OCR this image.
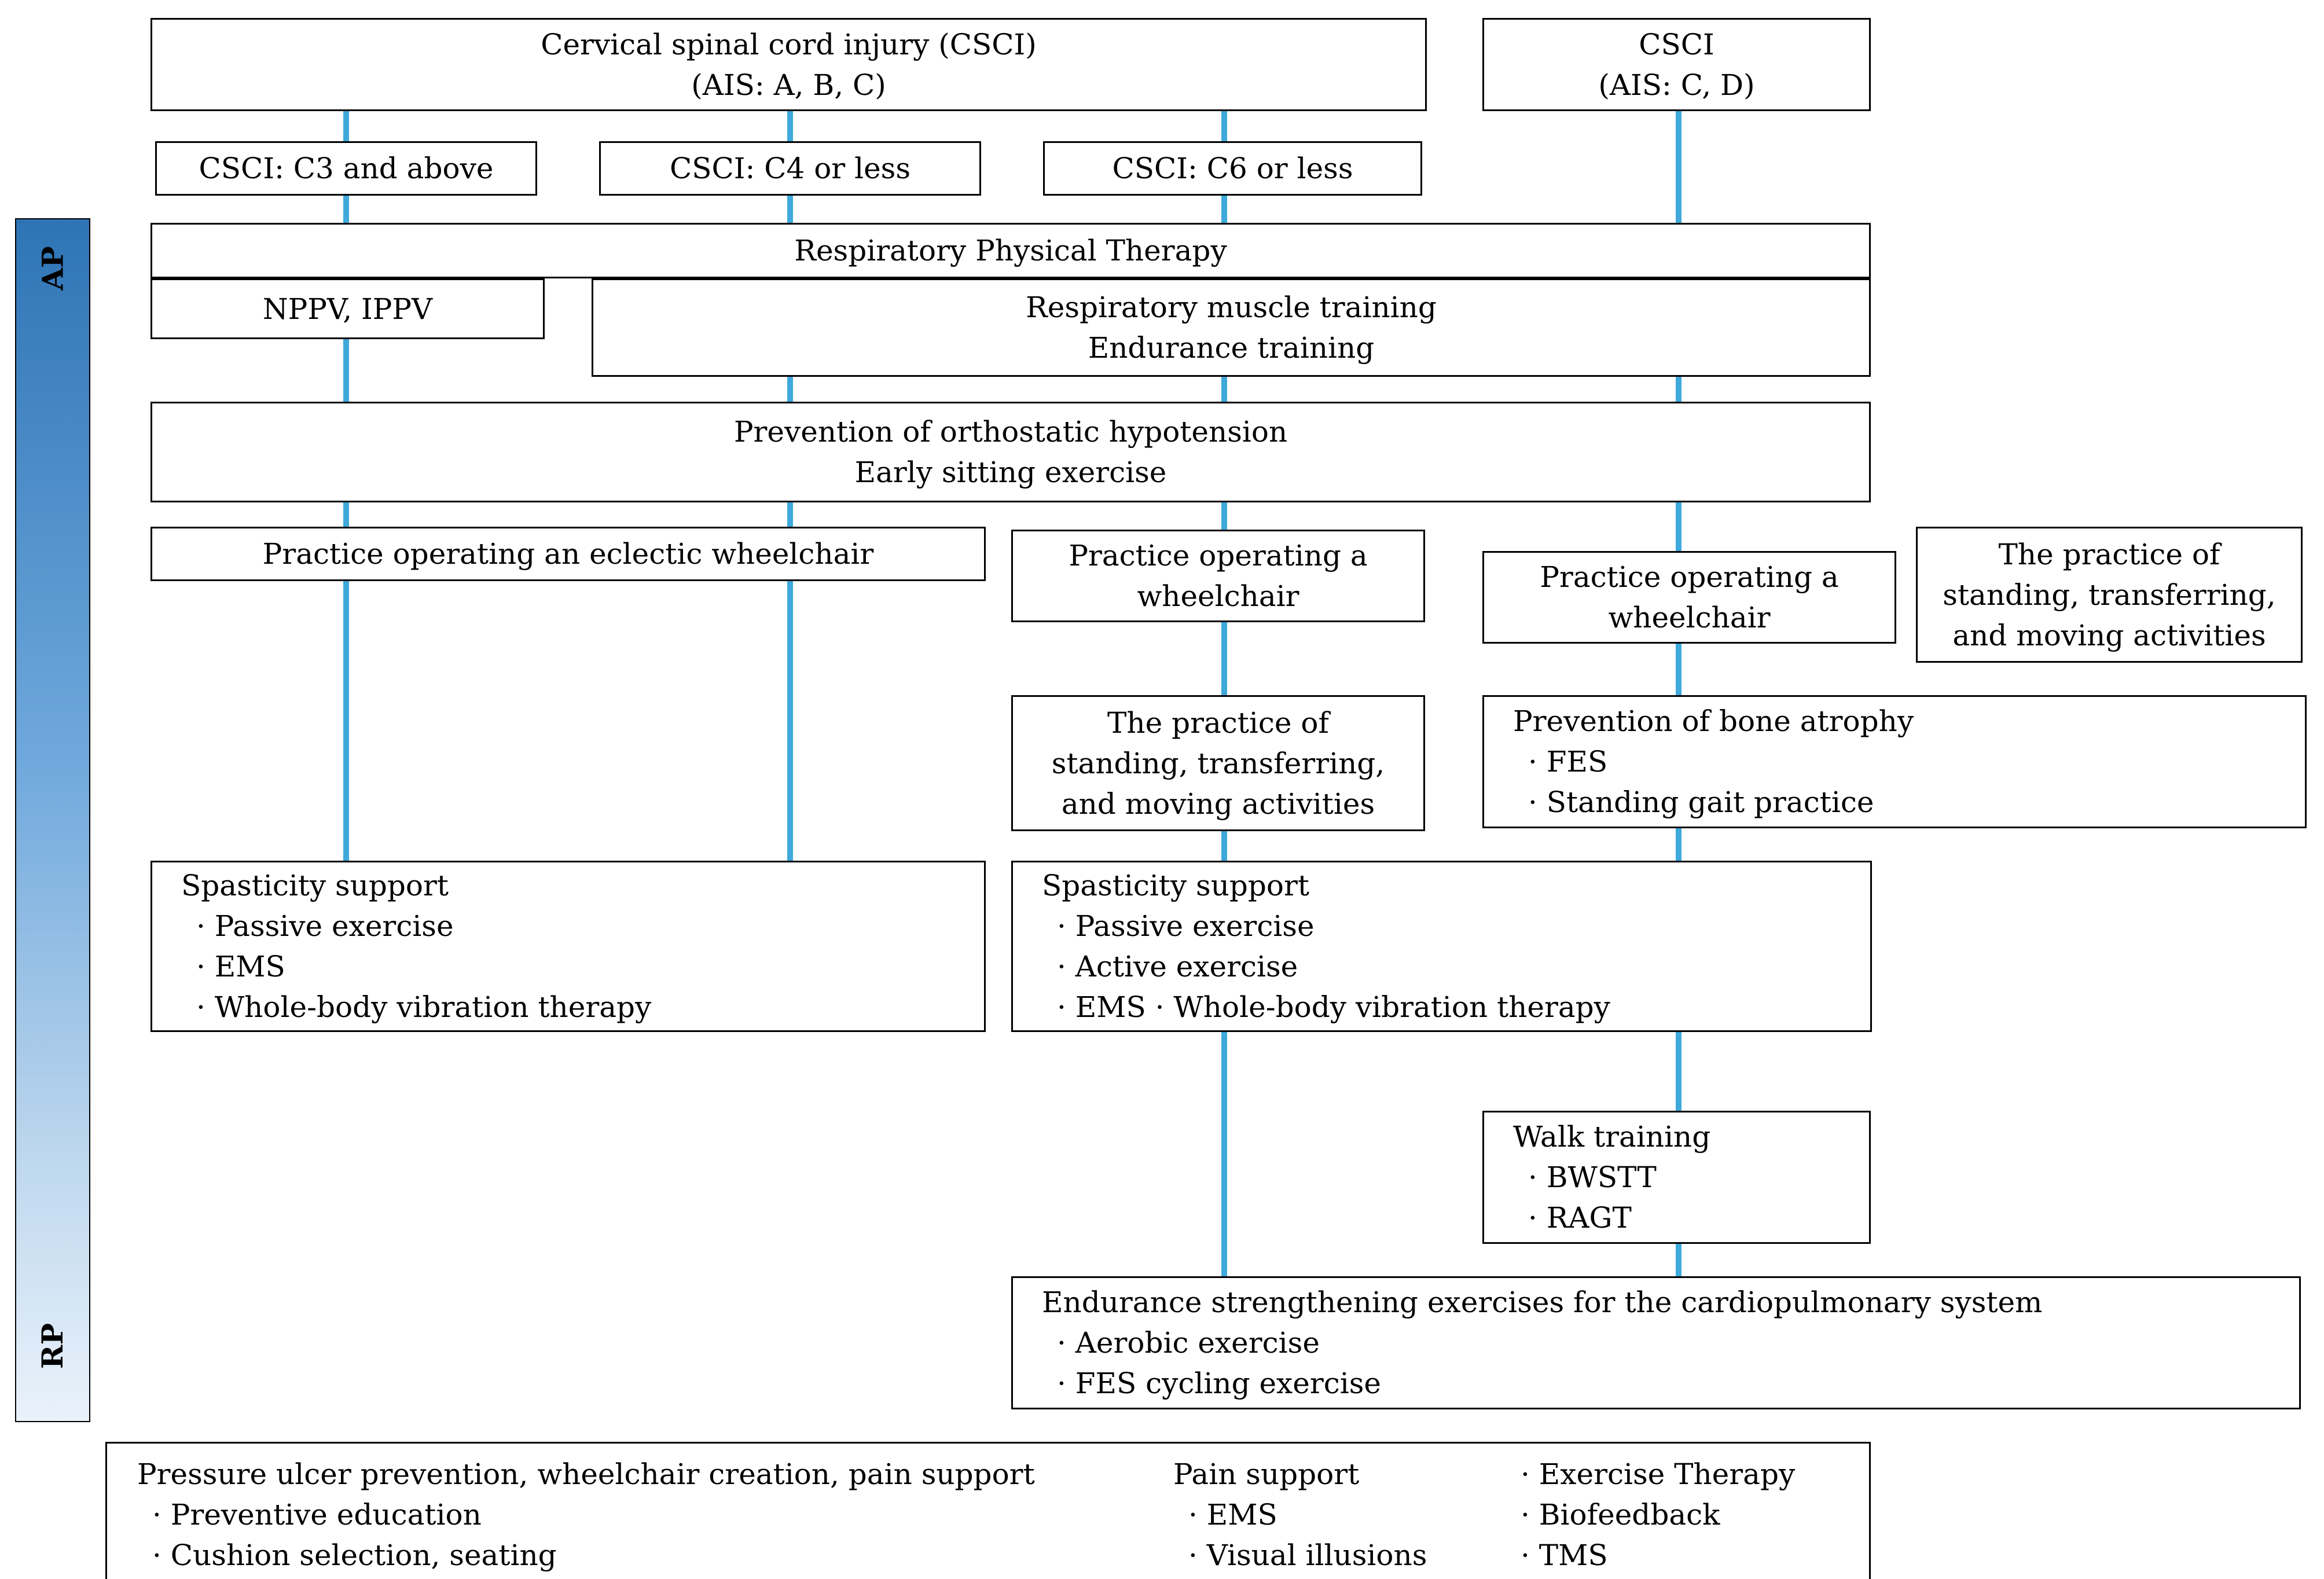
AP
RP
Cervical spinal cord injury (CSCI)
(AIS: A, B, C)
CSCI
(AIS: C, D)
CSCI: C3 and above	CSCI: C4 or less	CSCI: C6 or less
Respiratory Physical Therapy
NPPV, IPPV	Respiratory muscle training
Endurance training
Prevention of orthostatic hypotension
Early sitting exercise
Practice operating an eclectic wheelchair	Practice operating a
wheelchair
Practice operating a
wheelchair
The practice of
standing, transferring,
and moving activities
The practice of
standing, transferring,
and moving activities
Prevention of bone atrophy
· FES
· Standing gait practice
Spasticity support
· Passive exercise
· EMS
· Whole-body vibration therapy
Spasticity support
· Passive exercise
· Active exercise
· EMS · Whole-body vibration therapy
Walk training
· BWSTT
· RAGT
Endurance strengthening exercises for the cardiopulmonary system
· Aerobic exercise
· FES cycling exercise
Pressure ulcer prevention, wheelchair creation, pain support
· Preventive education
· Cushion selection, seating
Pain support
· EMS
· Visual illusions
· Exercise Therapy
· Biofeedback
· TMS
